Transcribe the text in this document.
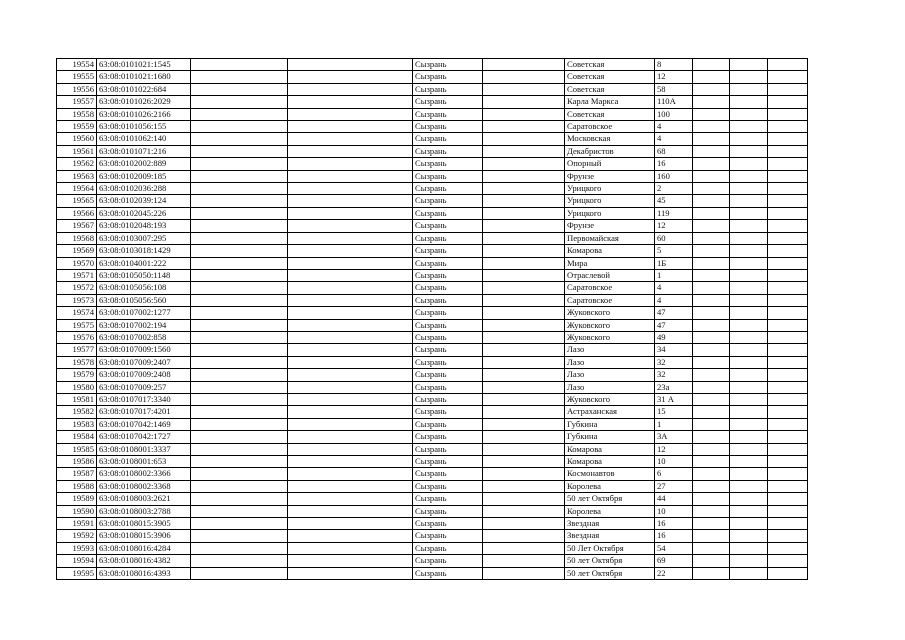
19554	63:08:0101021:1545			Сызрань		Советская	8			
19555	63:08:0101021:1680			Сызрань		Советская	12			
19556	63:08:0101022:684			Сызрань		Советская	58			
19557	63:08:0101026:2029			Сызрань		Карла Маркса	110А			
19558	63:08:0101026:2166			Сызрань		Советская	100			
19559	63:08:0101056:155			Сызрань		Саратовское	4			
19560	63:08:0101062:140			Сызрань		Московская	4			
19561	63:08:0101071:216			Сызрань		Декабристов	68			
19562	63:08:0102002:889			Сызрань		Опорный	16			
19563	63:08:0102009:185			Сызрань		Фрунзе	160			
19564	63:08:0102036:288			Сызрань		Урицкого	2			
19565	63:08:0102039:124			Сызрань		Урицкого	45			
19566	63:08:0102045:226			Сызрань		Урицкого	119			
19567	63:08:0102048:193			Сызрань		Фрунзе	12			
19568	63:08:0103007:295			Сызрань		Первомайская	60			
19569	63:08:0103018:1429			Сызрань		Комарова	5			
19570	63:08:0104001:222			Сызрань		Мира	1Б			
19571	63:08:0105050:1148			Сызрань		Отраслевой	1			
19572	63:08:0105056:108			Сызрань		Саратовское	4			
19573	63:08:0105056:560			Сызрань		Саратовское	4			
19574	63:08:0107002:1277			Сызрань		Жуковского	47			
19575	63:08:0107002:194			Сызрань		Жуковского	47			
19576	63:08:0107002:858			Сызрань		Жуковского	49			
19577	63:08:0107009:1560			Сызрань		Лазо	34			
19578	63:08:0107009:2407			Сызрань		Лазо	32			
19579	63:08:0107009:2408			Сызрань		Лазо	32			
19580	63:08:0107009:257			Сызрань		Лазо	23а			
19581	63:08:0107017:3340			Сызрань		Жуковского	31 А			
19582	63:08:0107017:4201			Сызрань		Астраханская	15			
19583	63:08:0107042:1469			Сызрань		Губкина	1			
19584	63:08:0107042:1727			Сызрань		Губкина	3А			
19585	63:08:0108001:3337			Сызрань		Комарова	12			
19586	63:08:0108001:653			Сызрань		Комарова	10			
19587	63:08:0108002:3366			Сызрань		Космонавтов	6			
19588	63:08:0108002:3368			Сызрань		Королева	27			
19589	63:08:0108003:2621			Сызрань		50 лет Октября	44			
19590	63:08:0108003:2788			Сызрань		Королева	10			
19591	63:08:0108015:3905			Сызрань		Звездная	16			
19592	63:08:0108015:3906			Сызрань		Звездная	16			
19593	63:08:0108016:4284			Сызрань		50 Лет Октября	54			
19594	63:08:0108016:4382			Сызрань		50 лет Октября	69			
19595	63:08:0108016:4393			Сызрань		50 лет Октября	22			
